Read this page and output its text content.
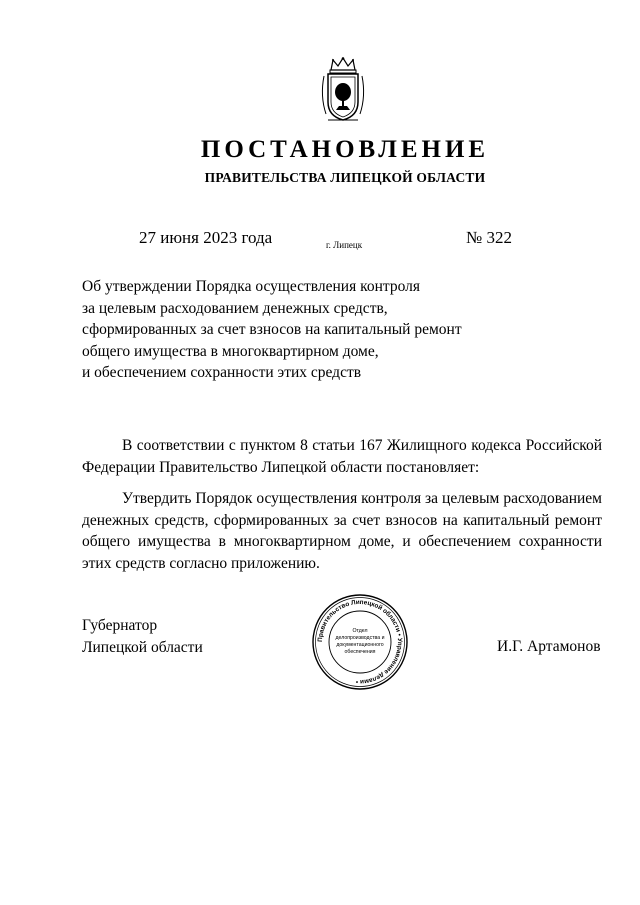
ПОСТАНОВЛЕНИЕ
ПРАВИТЕЛЬСТВА ЛИПЕЦКОЙ ОБЛАСТИ
27 июня 2023 года	г. Липецк	№ 322
Об утверждении Порядка осуществления контроля
за целевым расходованием денежных средств,
сформированных за счет взносов на капитальный ремонт
общего имущества в многоквартирном доме,
и обеспечением сохранности этих средств

В соответствии с пунктом 8 статьи 167 Жилищного кодекса Российской Федерации Правительство Липецкой области постановляет:

Утвердить Порядок осуществления контроля за целевым расходованием денежных средств, сформированных за счет взносов на капитальный ремонт общего имущества в многоквартирном доме, и обеспечением сохранности этих средств согласно приложению.

Губернатор
Липецкой области	Правительство Липецкой области • Управление делами •
Отдел
делопроизводства и
документационного
обеспечения	И.Г. Артамонов
